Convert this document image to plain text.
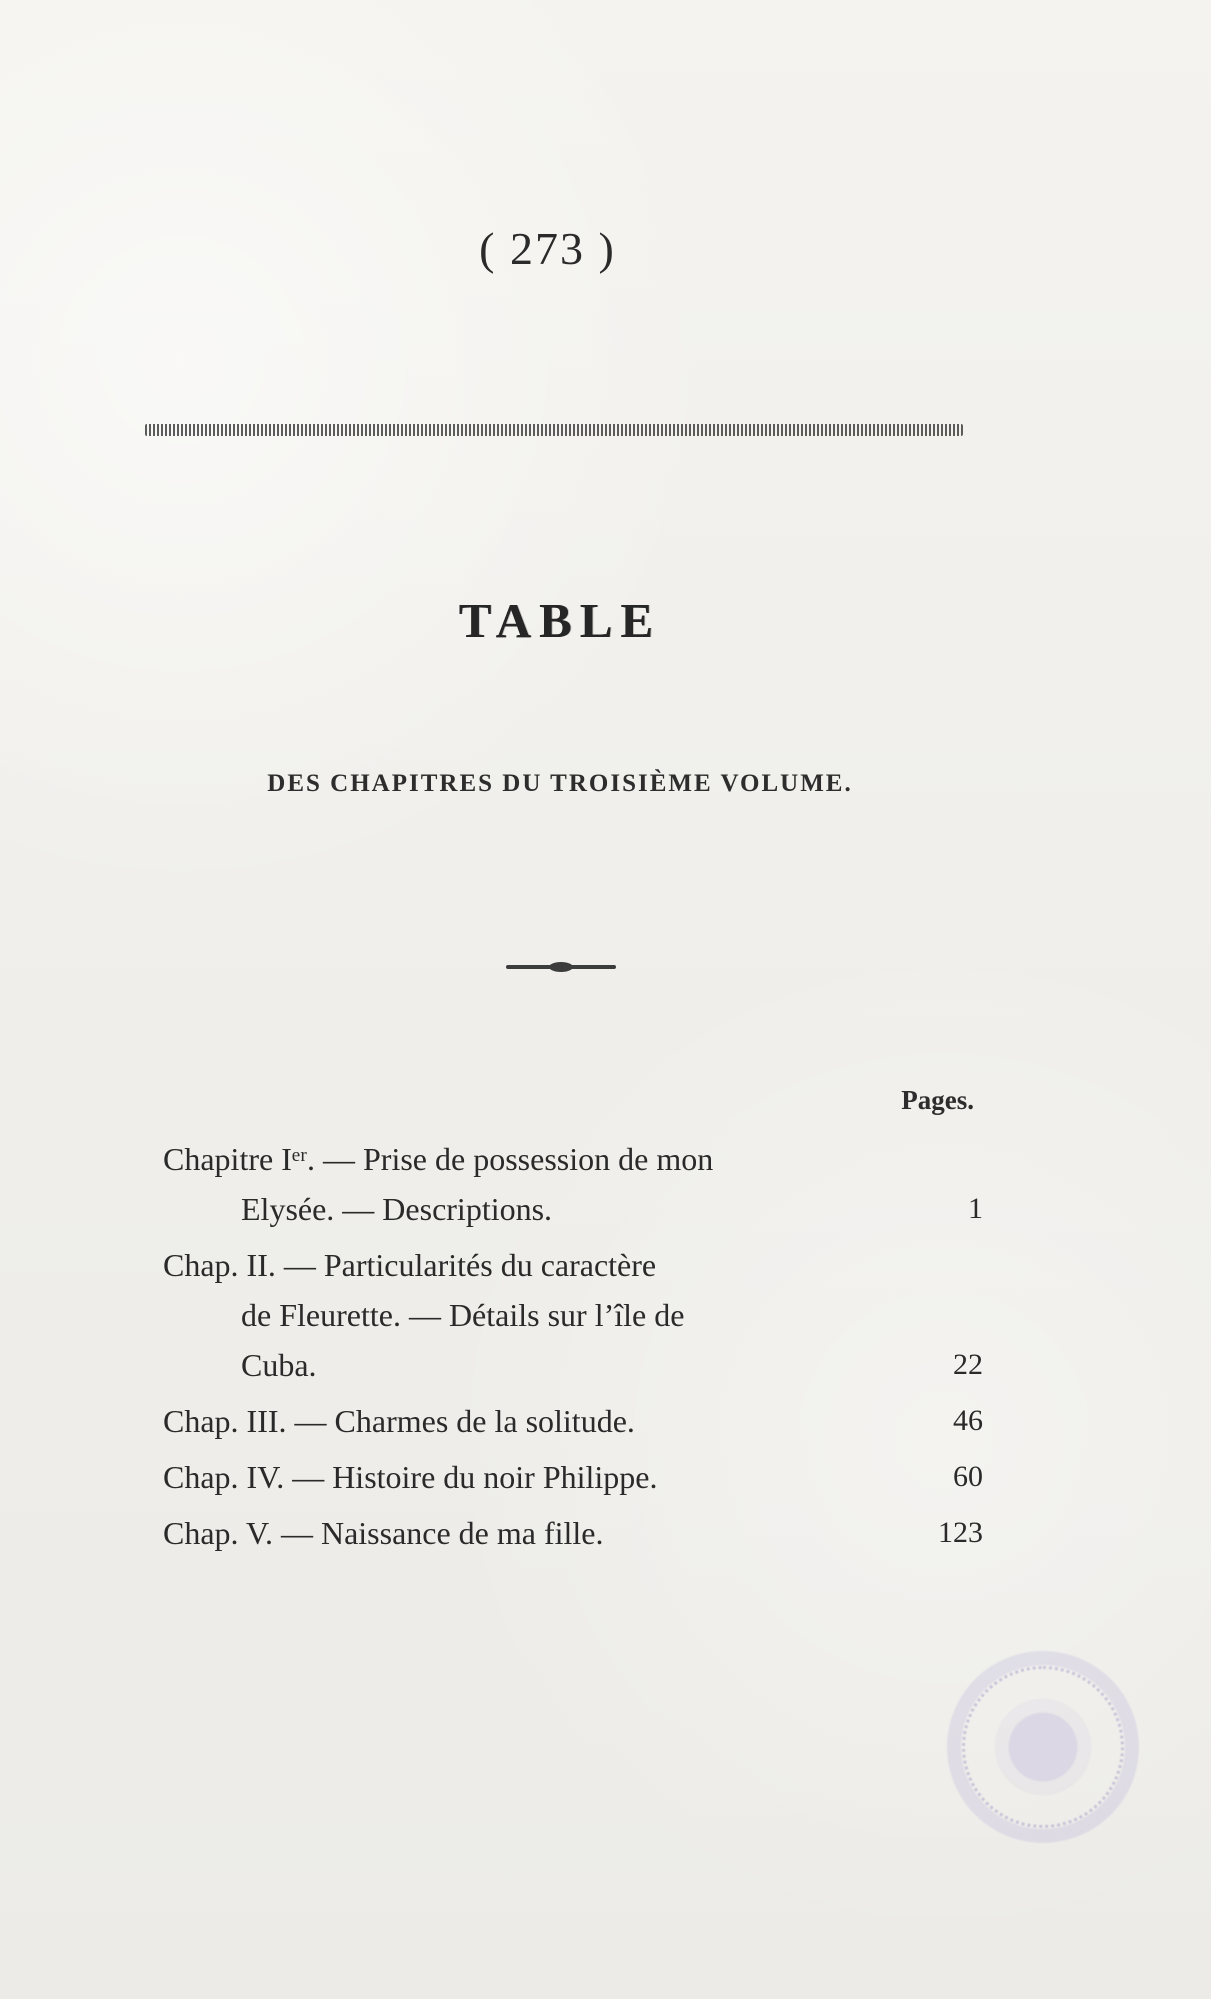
( 273 )
TABLE
DES CHAPITRES DU TROISIÈME VOLUME.
Pages.
Chapitre Iᵉʳ. — Prise de possession de mon
Elysée. — Descriptions.	1
Chap. II. — Particularités du caractère
de Fleurette. — Détails sur l’île de
Cuba.	22
Chap. III. — Charmes de la solitude.	46
Chap. IV. — Histoire du noir Philippe.	60
Chap. V. — Naissance de ma fille.	123
